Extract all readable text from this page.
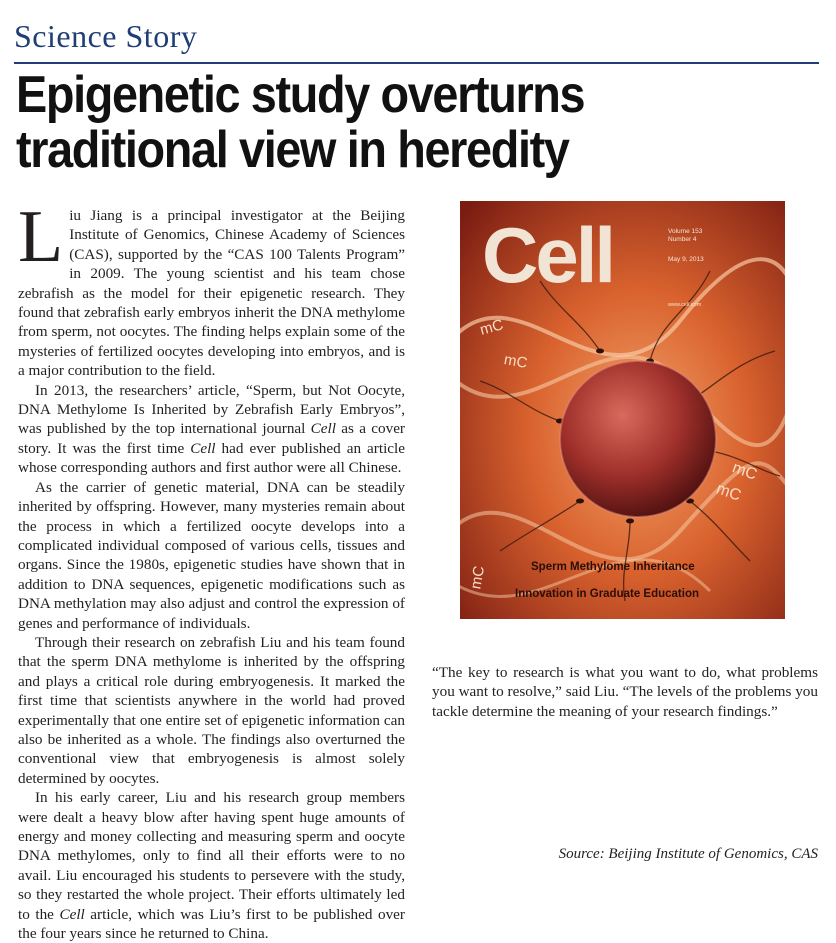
Science Story
Epigenetic study overturns
traditional view in heredity

Liu Jiang is a principal investigator at the Beijing Institute of Genomics, Chinese Academy of Sciences (CAS), supported by the “CAS 100 Talents Program” in 2009. The young scientist and his team chose zebrafish as the model for their epigenetic research. They found that zebrafish early embryos inherit the DNA methylome from sperm, not oocytes. The finding helps explain some of the mysteries of fertilized oocytes developing into embryos, and is a major contribution to the field.

In 2013, the researchers’ article, “Sperm, but Not Oocyte, DNA Methylome Is Inherited by Zebrafish Early Embryos”, was published by the top international journal Cell as a cover story. It was the first time Cell had ever published an article whose corresponding authors and first author were all Chinese.

As the carrier of genetic material, DNA can be steadily inherited by offspring. However, many mysteries remain about the process in which a fertilized oocyte develops into a complicated individual composed of various cells, tissues and organs. Since the 1980s, epigenetic studies have shown that in addition to DNA sequences, epigenetic modifications such as DNA methylation may also adjust and control the expression of genes and performance of individuals.

Through their research on zebrafish Liu and his team found that the sperm DNA methylome is inherited by the offspring and plays a critical role during embryogenesis. It marked the first time that scientists anywhere in the world had proved experimentally that one entire set of epigenetic information can also be inherited as a whole. The findings also overturned the conventional view that embryogenesis is almost solely determined by oocytes.

In his early career, Liu and his research group members were dealt a heavy blow after having spent huge amounts of energy and money collecting and measuring sperm and oocyte DNA methylomes, only to find all their efforts were to no avail. Liu encouraged his students to persevere with the study, so they restarted the whole project. Their efforts ultimately led to the Cell article, which was Liu’s first to be published over the four years since he returned to China.

“The key to research is what you want to do, what problems you want to resolve,” said Liu. “The levels of the problems you tackle determine the meaning of your research findings.”

Cell	Volume 153
Number 4
May 9, 2013
www.cell.com
mC
mC
mC
mC
mC	Sperm Methylome Inheritance
Innovation in Graduate Education
Source: Beijing Institute of Genomics, CAS
